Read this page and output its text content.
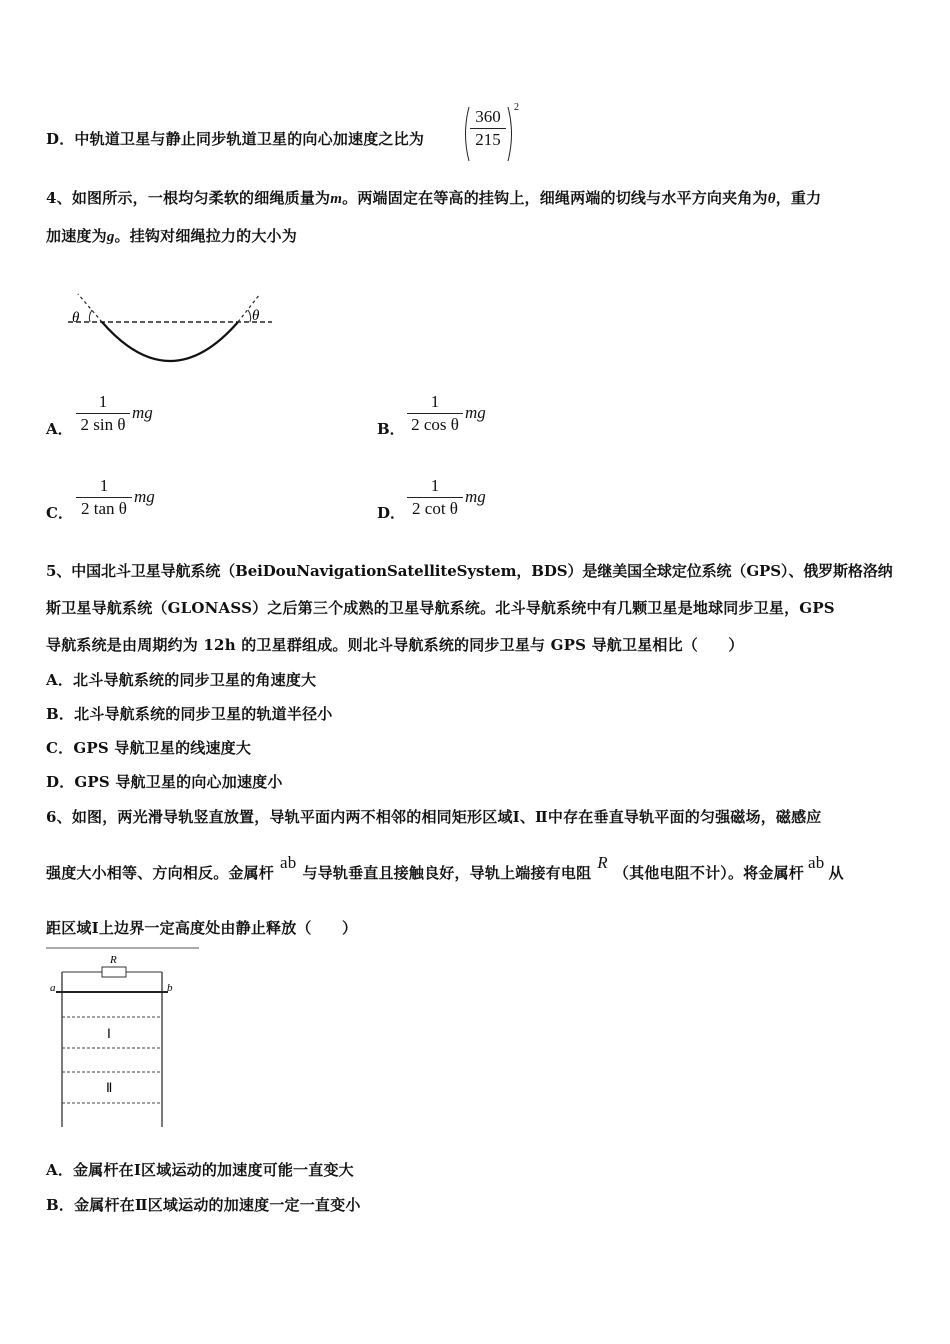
D．中轨道卫星与静止同步轨道卫星的向心加速度之比为	$\frac{360}{215} 2$
4、如图所示，一根均匀柔软的细绳质量为m。两端固定在等高的挂钩上，细绳两端的切线与水平方向夹角为θ，重力
加速度为g。挂钩对细绳拉力的大小为
θ	θ
A． $\frac{1}{\text{2 sin θ}}$ mg
B． $\frac{1}{\text{2 cos θ}}$ mg
C． $\frac{1}{\text{2 tan θ}}$ mg
D． $\frac{1}{\text{2 cot θ}}$ mg
5、中国北斗卫星导航系统（BeiDouNavigationSatelliteSystem，BDS）是继美国全球定位系统（GPS）、俄罗斯格洛纳
斯卫星导航系统（GLONASS）之后第三个成熟的卫星导航系统。北斗导航系统中有几颗卫星是地球同步卫星，GPS
导航系统是由周期约为 12h 的卫星群组成。则北斗导航系统的同步卫星与 GPS 导航卫星相比（　　）
A．北斗导航系统的同步卫星的角速度大
B．北斗导航系统的同步卫星的轨道半径小
C．GPS 导航卫星的线速度大
D．GPS 导航卫星的向心加速度小
6、如图，两光滑导轨竖直放置，导轨平面内两不相邻的相同矩形区域Ⅰ、Ⅱ中存在垂直导轨平面的匀强磁场，磁感应
强度大小相等、方向相反。金属杆ab与导轨垂直且接触良好，导轨上端接有电阻R（其他电阻不计）。将金属杆ab从
距区域Ⅰ上边界一定高度处由静止释放（　　）
R
a	b
Ⅰ
Ⅱ
A．金属杆在Ⅰ区域运动的加速度可能一直变大
B．金属杆在Ⅱ区域运动的加速度一定一直变小
